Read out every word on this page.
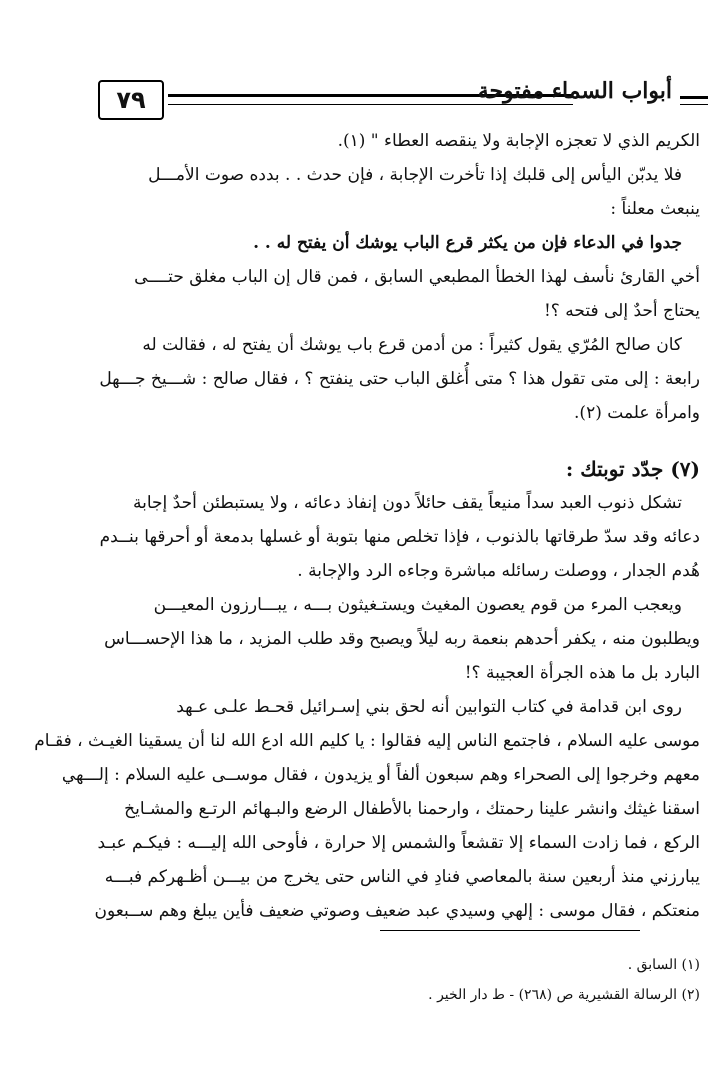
٧٩	أبواب السماء مفتوحة
الكريم الذي لا تعجزه الإجابة ولا ينقصه العطاء " (١).
فلا يدبّن اليأس إلى قلبك إذا تأخرت الإجابة ، فإن حدث . . بدده صوت الأمـــل
ينبعث معلناً :
جدوا في الدعاء فإن من يكثر قرع الباب يوشك أن يفتح له . .
أخي القارئ نأسف لهذا الخطأ المطبعي السابق ، فمن قال إن الباب مغلق حتــــى
يحتاج أحدٌ إلى فتحه ؟!
كان صالح المُرّي يقول كثيراً : من أدمن قرع باب يوشك أن يفتح له ، فقالت له
رابعة : إلى متى تقول هذا ؟ متى أُغلق الباب حتى ينفتح ؟ ، فقال صالح : شـــيخ جـــهل
وامرأة علمت (٢).
(٧) جدّد توبتك :
تشكل ذنوب العبد سداً منيعاً يقف حائلاً دون إنفاذ دعائه ، ولا يستبطئن أحدٌ إجابة
دعائه وقد سدّ طرقاتها بالذنوب ، فإذا تخلص منها بتوبة أو غسلها بدمعة أو أحرقها بنــدم
هُدم الجدار ، ووصلت رسائله مباشرة وجاءه الرد والإجابة .
ويعجب المرء من قوم يعصون المغيث ويستـغيثون بـــه ، يبـــارزون المعيـــن
ويطلبون منه ، يكفر أحدهم بنعمة ربه ليلاً ويصبح وقد طلب المزيد ، ما هذا الإحســـاس
البارد بل ما هذه الجرأة العجيبة ؟!
روى ابن قدامة في كتاب التوابين أنه لحق بني إسـرائيل قحـط علـى عـهد
موسى عليه السلام ، فاجتمع الناس إليه فقالوا : يا كليم الله ادع الله لنا أن يسقينا الغيـث ، فقـام
معهم وخرجوا إلى الصحراء وهم سبعون ألفاً أو يزيدون ، فقال موســى عليه السلام : إلـــهي
اسقنا غيثك وانشر علينا رحمتك ، وارحمنا بالأطفال الرضع والبـهائم الرتـع والمشـايخ
الركع ، فما زادت السماء إلا تقشعاً والشمس إلا حرارة ، فأوحى الله إليـــه : فيكـم عبـد
يبارزني منذ أربعين سنة بالمعاصي فنادِ في الناس حتى يخرج من بيـــن أظـهركم فبـــه
منعتكم ، فقال موسى : إلهي وسيدي عبد ضعيف وصوتي ضعيف فأين يبلغ وهم ســبعون
(١) السابق .
(٢) الرسالة القشيرية ص (٢٦٨) - ط دار الخير .
